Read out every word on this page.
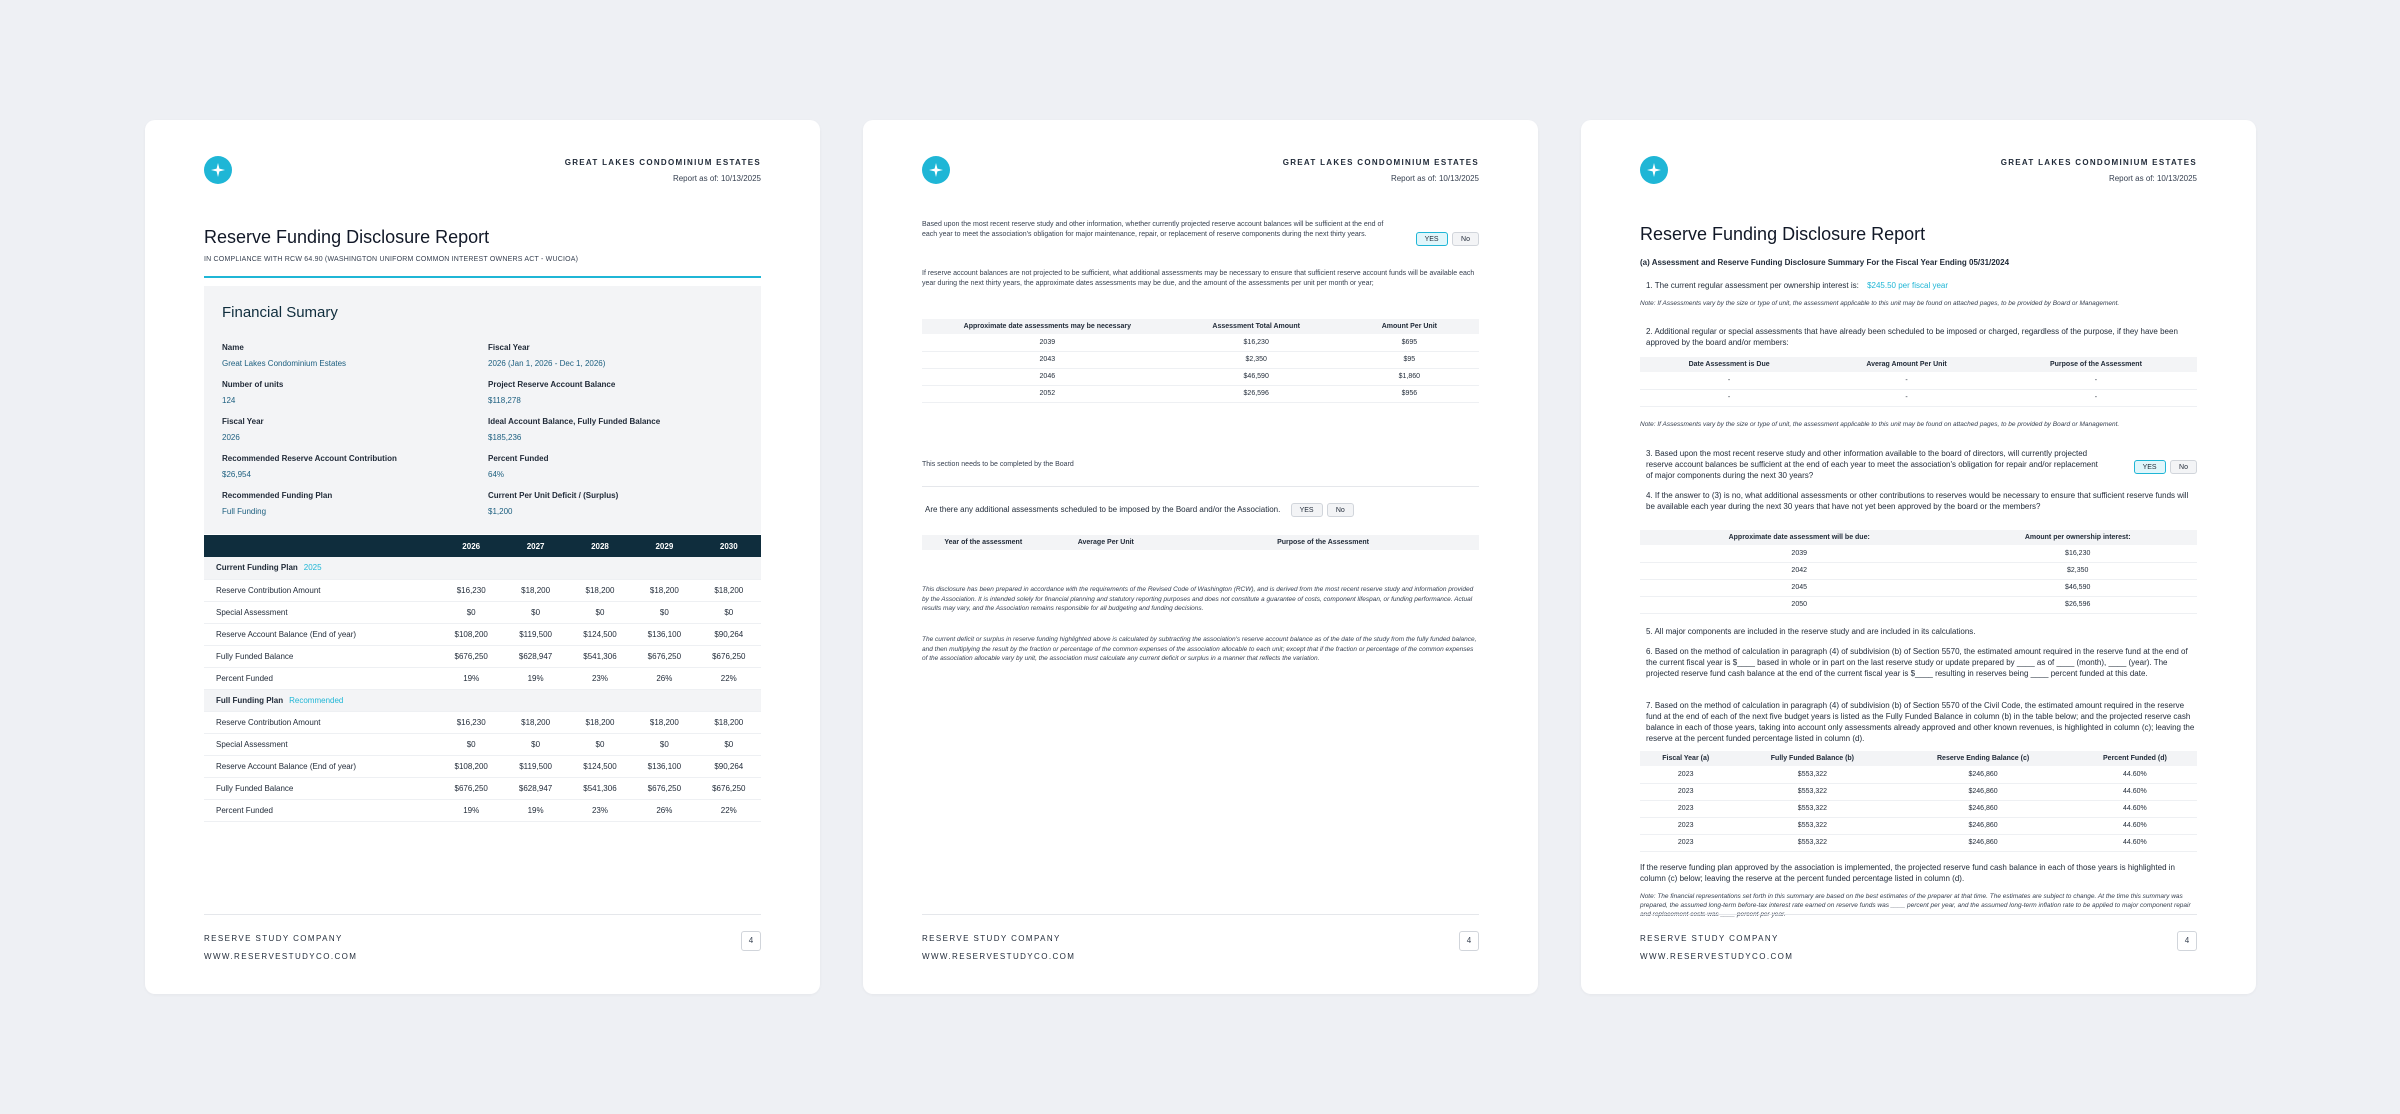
GREAT LAKES CONDOMINIUM ESTATES
Report as of: 10/13/2025
Reserve Funding Disclosure Report
IN COMPLIANCE WITH RCW 64.90 (WASHINGTON UNIFORM COMMON INTEREST OWNERS ACT - WUCIOA)
Financial Sumary
Name
Great Lakes Condominium Estates
Fiscal Year
2026 (Jan 1, 2026 - Dec 1, 2026)
Number of units
124
Project Reserve Account Balance
$118,278
Fiscal Year
2026
Ideal Account Balance, Fully Funded Balance
$185,236
Recommended Reserve Account Contribution
$26,954
Percent Funded
64%
Recommended Funding Plan
Full Funding
Current Per Unit Deficit / (Surplus)
$1,200
	2026	2027	2028	2029	2030
Current Funding Plan 2025					
Reserve Contribution Amount	$16,230	$18,200	$18,200	$18,200	$18,200
Special Assessment	$0	$0	$0	$0	$0
Reserve Account Balance (End of year)	$108,200	$119,500	$124,500	$136,100	$90,264
Fully Funded Balance	$676,250	$628,947	$541,306	$676,250	$676,250
Percent Funded	19%	19%	23%	26%	22%
Full Funding Plan Recommended					
Reserve Contribution Amount	$16,230	$18,200	$18,200	$18,200	$18,200
Special Assessment	$0	$0	$0	$0	$0
Reserve Account Balance (End of year)	$108,200	$119,500	$124,500	$136,100	$90,264
Fully Funded Balance	$676,250	$628,947	$541,306	$676,250	$676,250
Percent Funded	19%	19%	23%	26%	22%
RESERVE STUDY COMPANY
WWW.RESERVESTUDYCO.COM
4
GREAT LAKES CONDOMINIUM ESTATES
Report as of: 10/13/2025
Based upon the most recent reserve study and other information, whether currently projected reserve account balances will be sufficient at the end of each year to meet the association's obligation for major maintenance, repair, or replacement of reserve components during the next thirty years.
YES	No
If reserve account balances are not projected to be sufficient, what additional assessments may be necessary to ensure that sufficient reserve account funds will be available each year during the next thirty years, the approximate dates assessments may be due, and the amount of the assessments per unit per month or year;
Approximate date assessments may be necessary	Assessment Total Amount	Amount Per Unit
2039	$16,230	$695
2043	$2,350	$95
2046	$46,590	$1,860
2052	$26,596	$956
This section needs to be completed by the Board
Are there any additional assessments scheduled to be imposed by the Board and/or the Association.	YES	No
Year of the assessment	Average Per Unit	Purpose of the Assessment
This disclosure has been prepared in accordance with the requirements of the Revised Code of Washington (RCW), and is derived from the most recent reserve study and information provided by the Association. It is intended solely for financial planning and statutory reporting purposes and does not constitute a guarantee of costs, component lifespan, or funding performance. Actual results may vary, and the Association remains responsible for all budgeting and funding decisions.
The current deficit or surplus in reserve funding highlighted above is calculated by subtracting the association's reserve account balance as of the date of the study from the fully funded balance, and then multiplying the result by the fraction or percentage of the common expenses of the association allocable to each unit; except that if the fraction or percentage of the common expenses of the association allocable vary by unit, the association must calculate any current deficit or surplus in a manner that reflects the variation.
RESERVE STUDY COMPANY
WWW.RESERVESTUDYCO.COM
4
GREAT LAKES CONDOMINIUM ESTATES
Report as of: 10/13/2025
Reserve Funding Disclosure Report
(a) Assessment and Reserve Funding Disclosure Summary For the Fiscal Year Ending 05/31/2024
1. The current regular assessment per ownership interest is: $245.50 per fiscal year
Note: If Assessments vary by the size or type of unit, the assessment applicable to this unit may be found on attached pages, to be provided by Board or Management.
2. Additional regular or special assessments that have already been scheduled to be imposed or charged, regardless of the purpose, if they have been approved by the board and/or members:
Date Assessment is Due	Averag Amount Per Unit	Purpose of the Assessment
-	-	-
-	-	-
Note: If Assessments vary by the size or type of unit, the assessment applicable to this unit may be found on attached pages, to be provided by Board or Management.
3. Based upon the most recent reserve study and other information available to the board of directors, will currently projected reserve account balances be sufficient at the end of each year to meet the association's obligation for repair and/or replacement of major components during the next 30 years?
YES	No
4. If the answer to (3) is no, what additional assessments or other contributions to reserves would be necessary to ensure that sufficient reserve funds will be available each year during the next 30 years that have not yet been approved by the board or the members?
Approximate date assessment will be due:	Amount per ownership interest:
2039	$16,230
2042	$2,350
2045	$46,590
2050	$26,596
5. All major components are included in the reserve study and are included in its calculations.
6. Based on the method of calculation in paragraph (4) of subdivision (b) of Section 5570, the estimated amount required in the reserve fund at the end of the current fiscal year is $____ based in whole or in part on the last reserve study or update prepared by ____ as of ____ (month), ____ (year). The projected reserve fund cash balance at the end of the current fiscal year is $____ resulting in reserves being ____ percent funded at this date.
7. Based on the method of calculation in paragraph (4) of subdivision (b) of Section 5570 of the Civil Code, the estimated amount required in the reserve fund at the end of each of the next five budget years is listed as the Fully Funded Balance in column (b) in the table below; and the projected reserve cash balance in each of those years, taking into account only assessments already approved and other known revenues, is highlighted in column (c); leaving the reserve at the percent funded percentage listed in column (d).
Fiscal Year (a)	Fully Funded Balance (b)	Reserve Ending Balance (c)	Percent Funded (d)
2023	$553,322	$246,860	44.60%
2023	$553,322	$246,860	44.60%
2023	$553,322	$246,860	44.60%
2023	$553,322	$246,860	44.60%
2023	$553,322	$246,860	44.60%
If the reserve funding plan approved by the association is implemented, the projected reserve fund cash balance in each of those years is highlighted in column (c) below; leaving the reserve at the percent funded percentage listed in column (d).
Note: The financial representations set forth in this summary are based on the best estimates of the preparer at that time. The estimates are subject to change. At the time this summary was prepared, the assumed long-term before-tax interest rate earned on reserve funds was ____ percent per year, and the assumed long-term inflation rate to be applied to major component repair and replacement costs was ____ percent per year.
RESERVE STUDY COMPANY
WWW.RESERVESTUDYCO.COM
4
